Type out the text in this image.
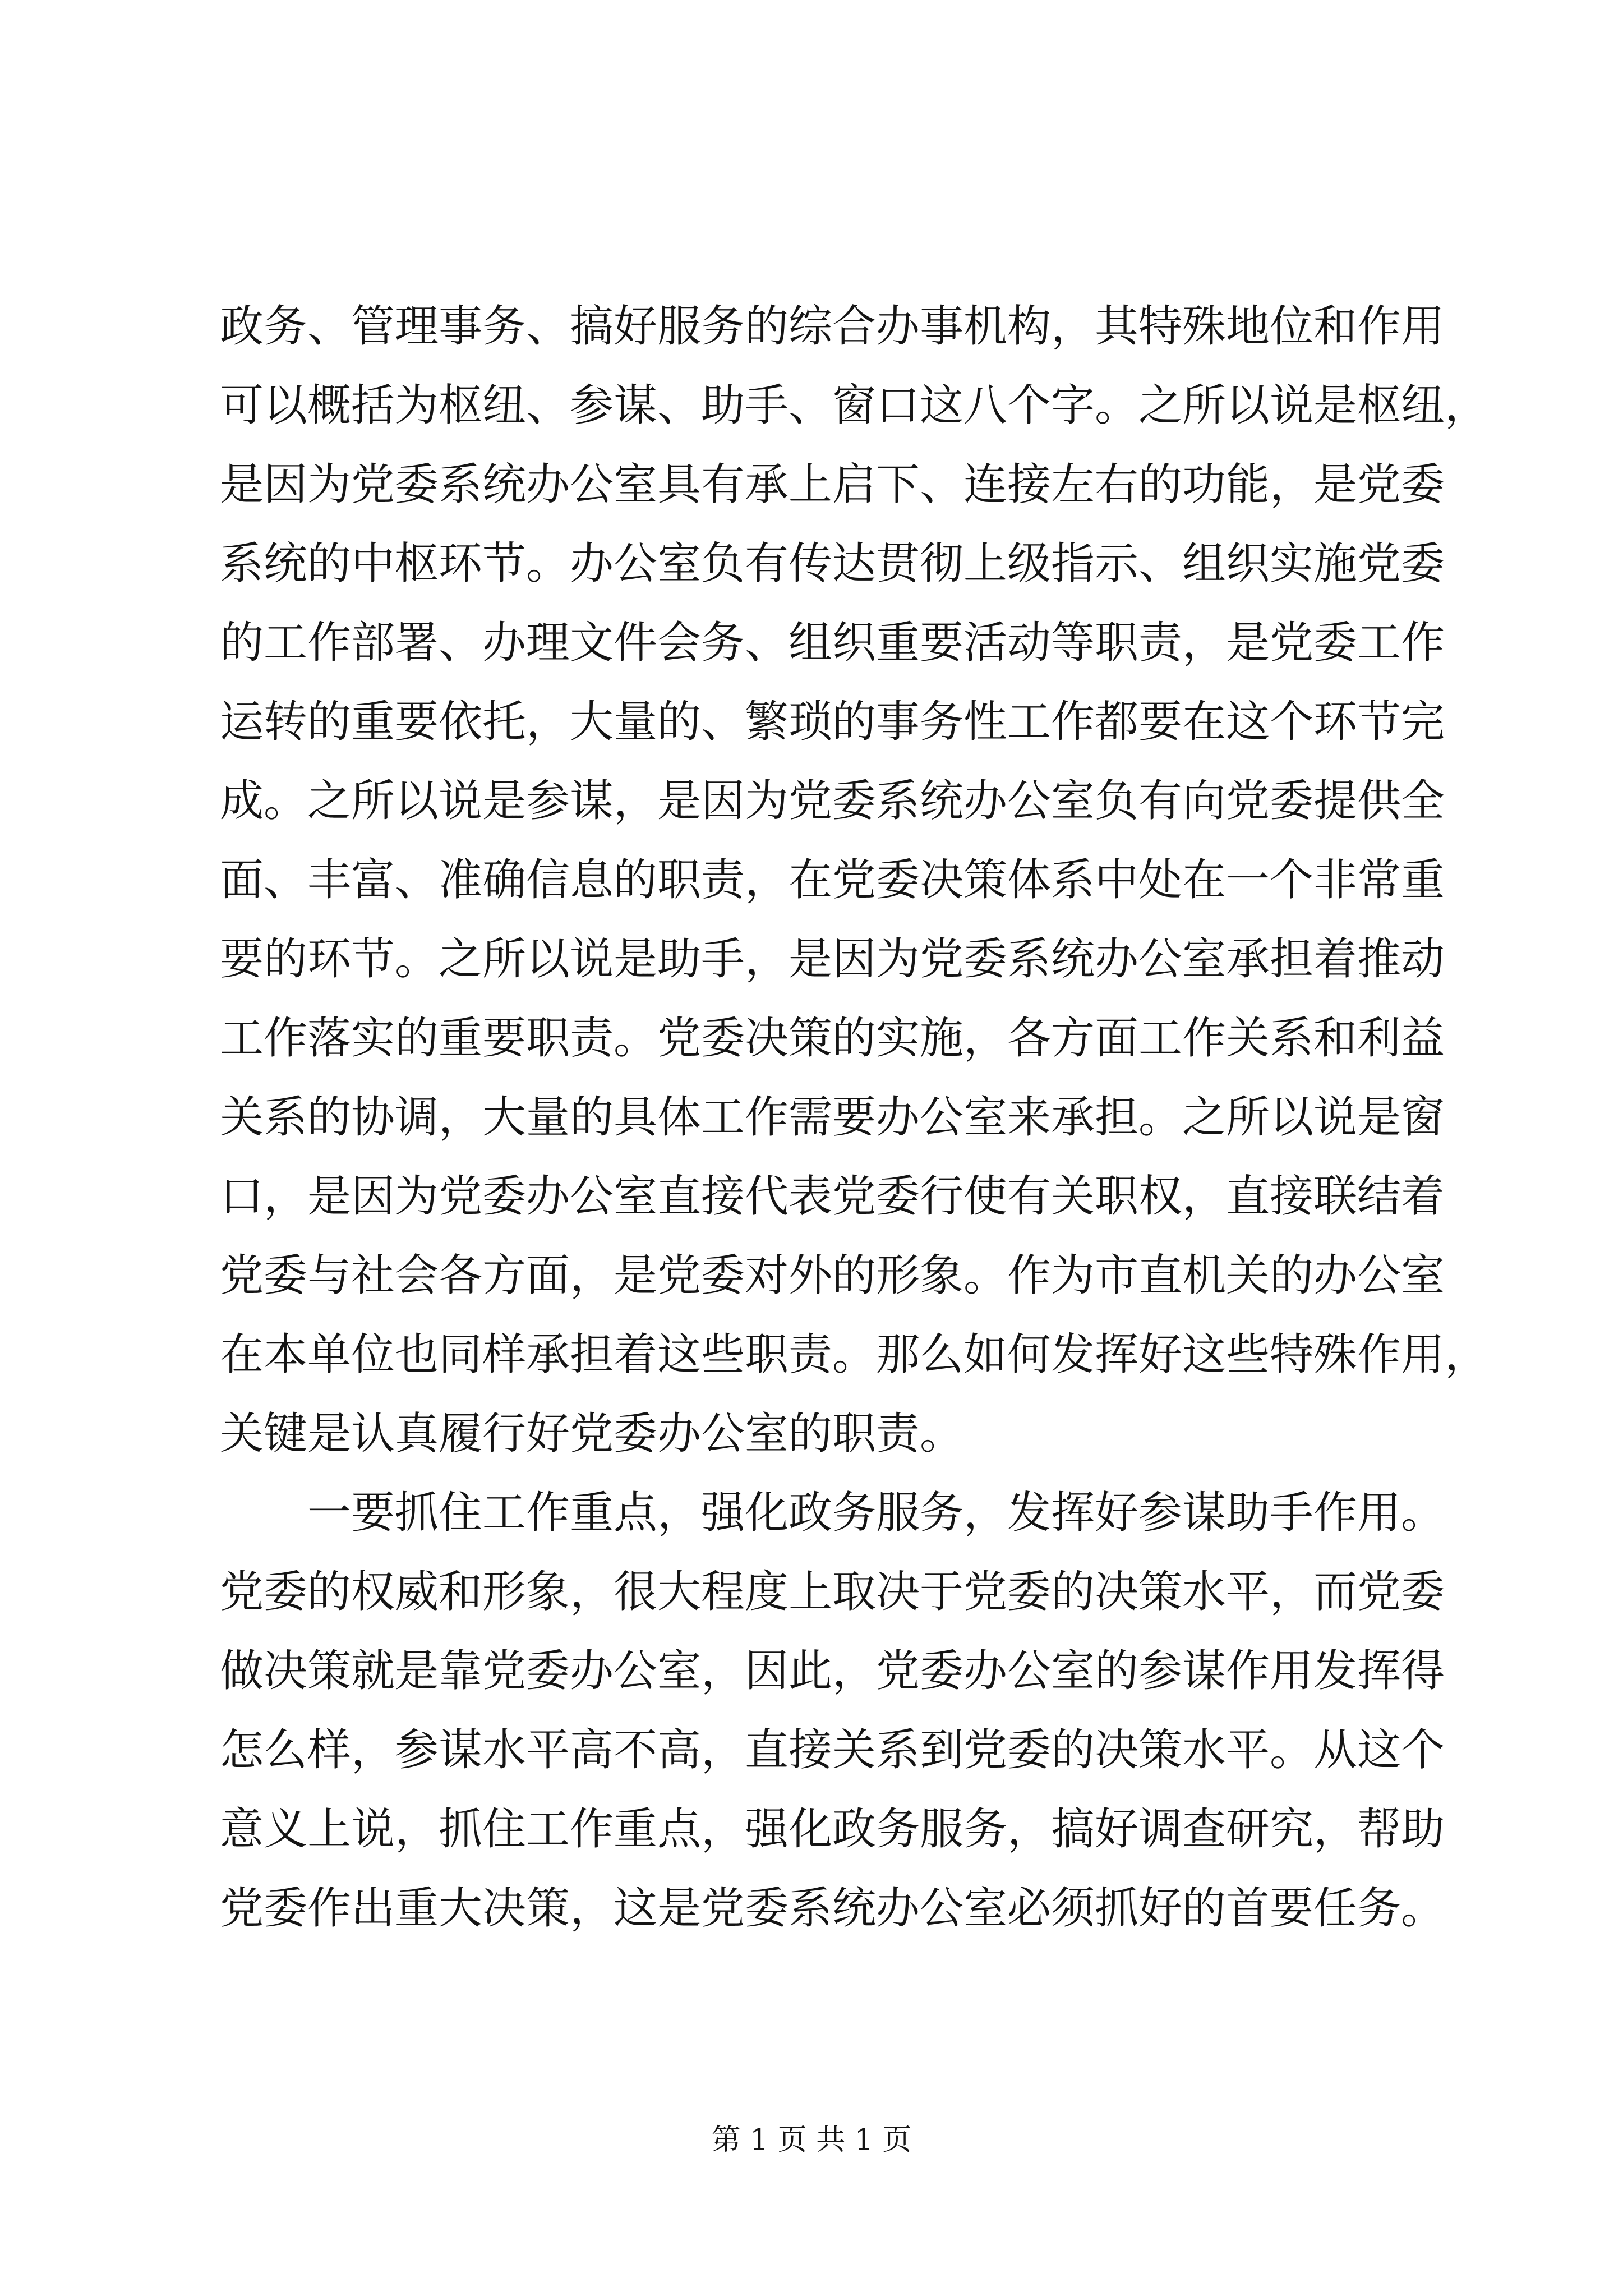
政务、管理事务、搞好服务的综合办事机构，其特殊地位和作用
可以概括为枢纽、参谋、助手、窗口这八个字。之所以说是枢纽，
是因为党委系统办公室具有承上启下、连接左右的功能，是党委
系统的中枢环节。办公室负有传达贯彻上级指示、组织实施党委
的工作部署、办理文件会务、组织重要活动等职责，是党委工作
运转的重要依托，大量的、繁琐的事务性工作都要在这个环节完
成。之所以说是参谋，是因为党委系统办公室负有向党委提供全
面、丰富、准确信息的职责，在党委决策体系中处在一个非常重
要的环节。之所以说是助手，是因为党委系统办公室承担着推动
工作落实的重要职责。党委决策的实施，各方面工作关系和利益
关系的协调，大量的具体工作需要办公室来承担。之所以说是窗
口，是因为党委办公室直接代表党委行使有关职权，直接联结着
党委与社会各方面，是党委对外的形象。作为市直机关的办公室
在本单位也同样承担着这些职责。那么如何发挥好这些特殊作用，
关键是认真履行好党委办公室的职责。

一要抓住工作重点，强化政务服务，发挥好参谋助手作用。
党委的权威和形象，很大程度上取决于党委的决策水平，而党委
做决策就是靠党委办公室，因此，党委办公室的参谋作用发挥得
怎么样，参谋水平高不高，直接关系到党委的决策水平。从这个
意义上说，抓住工作重点，强化政务服务，搞好调查研究，帮助
党委作出重大决策，这是党委系统办公室必须抓好的首要任务。

第 1 页 共 1 页
